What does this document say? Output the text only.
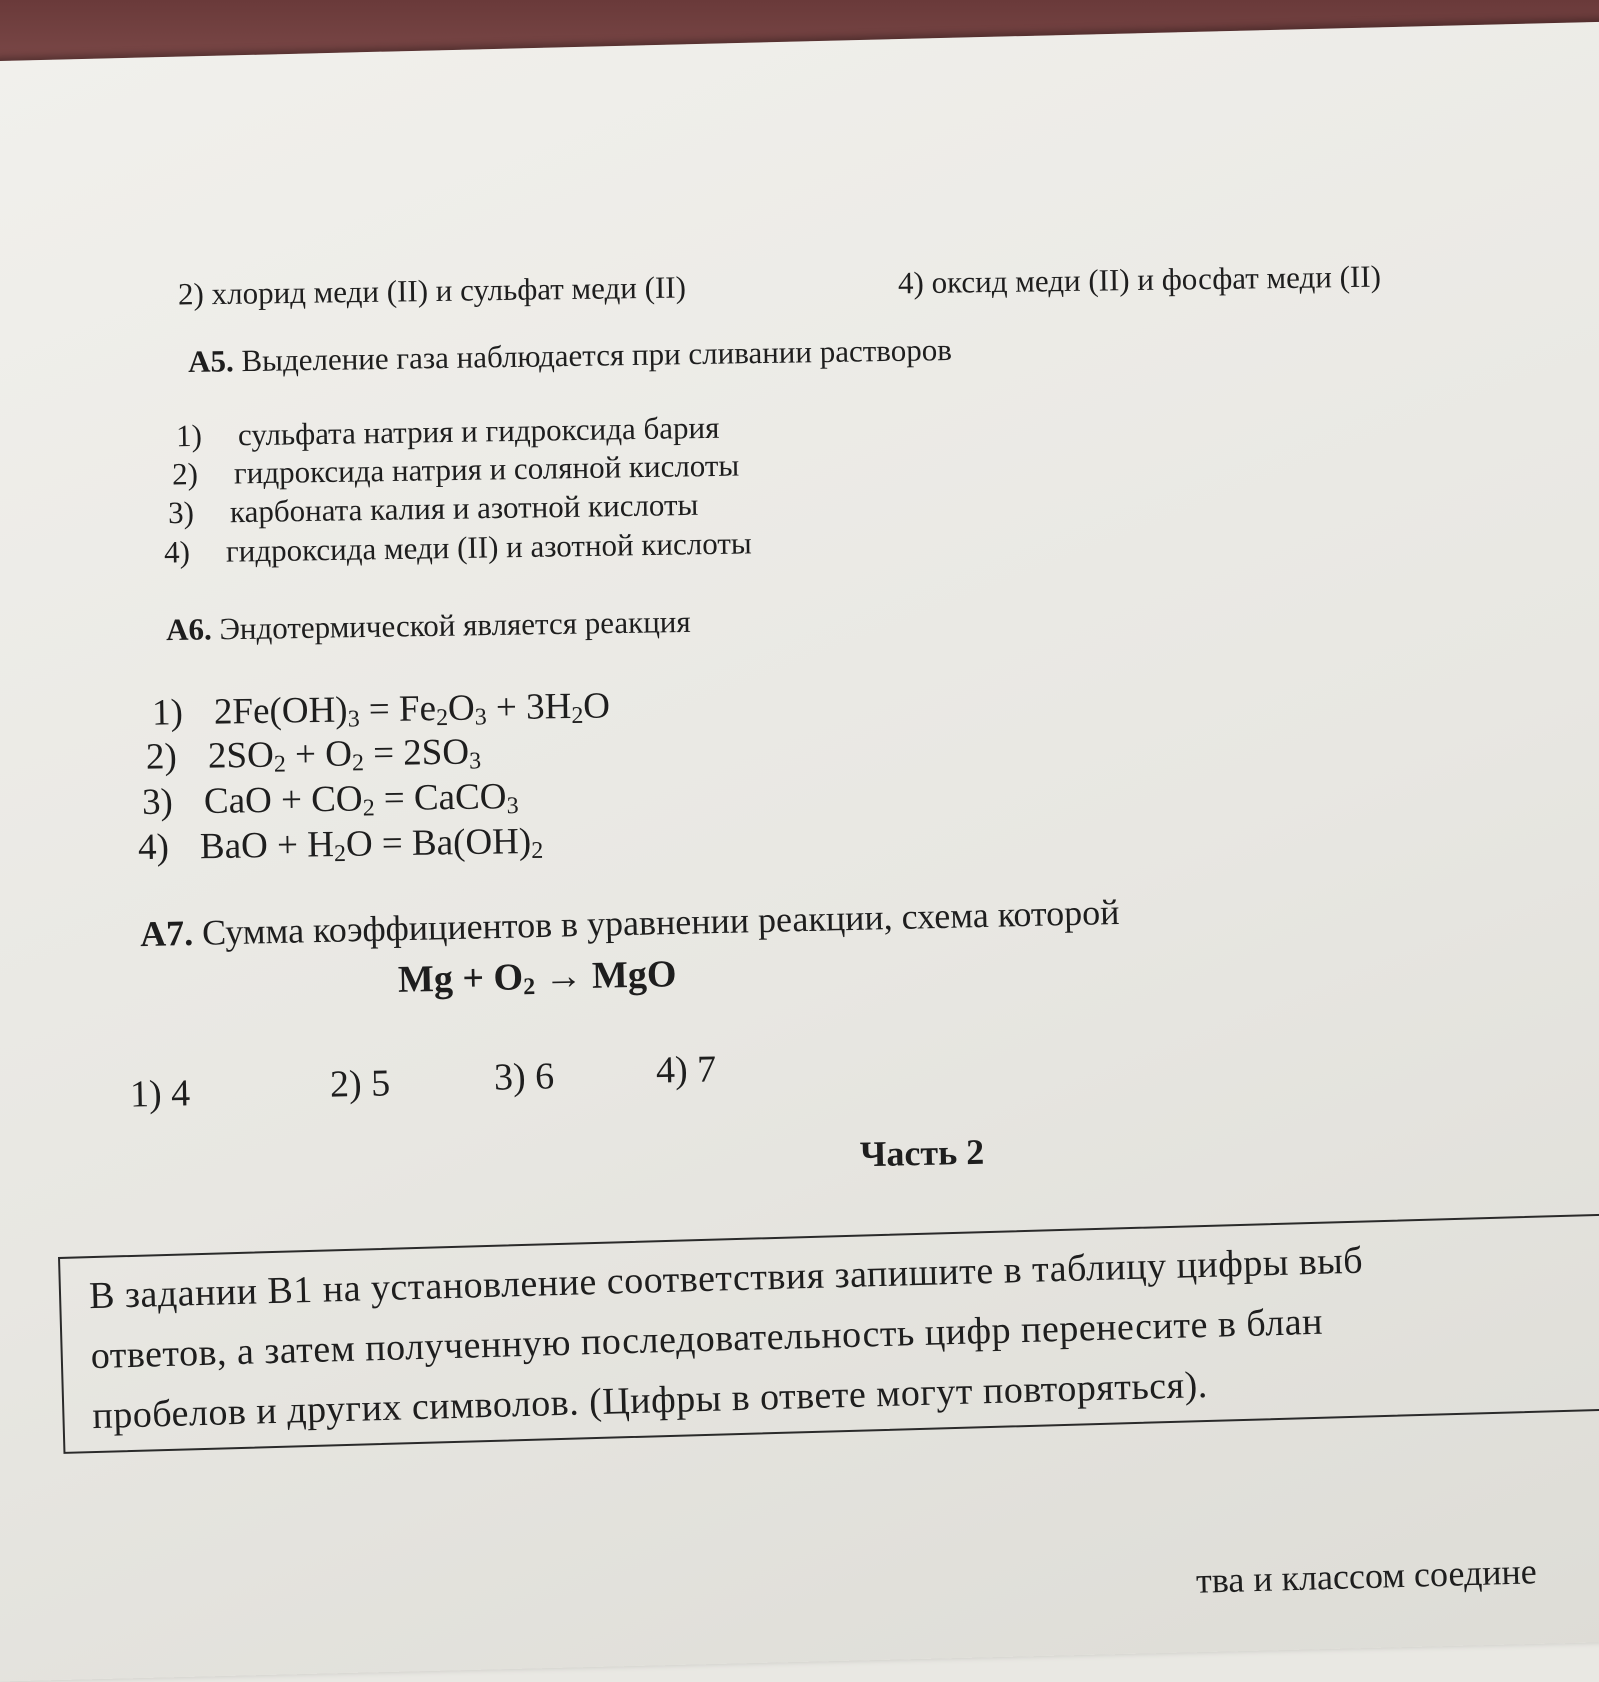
2) хлорид меди (II) и сульфат меди (II)	4) оксид меди (II) и фосфат меди (II)
А5. Выделение газа наблюдается при сливании растворов
1) сульфата натрия и гидроксида бария
2) гидроксида натрия и соляной кислоты
3) карбоната калия и азотной кислоты
4) гидроксида меди (II) и азотной кислоты
А6. Эндотермической является реакция
1) $2Fe(OH)_3 = Fe_2O_3 + 3H_2O$
2) $2SO_2 + O_2 = 2SO_3$
3) CaO + $CO_2$ = CaCO$_3$
4) BaO + $H_2O = Ba(OH)_2$
А7. Сумма коэффициентов в уравнении реакции, схема которой
$Mg + O_2$ → MgO
1) 4	2) 5	3) 6	4) 7
Часть 2
В задании В1 на установление соответствия запишите в таблицу цифры выб
ответов, а затем полученную последовательность цифр перенесите в блан
пробелов и других символов. (Цифры в ответе могут повторяться).
тва и классом соедине
